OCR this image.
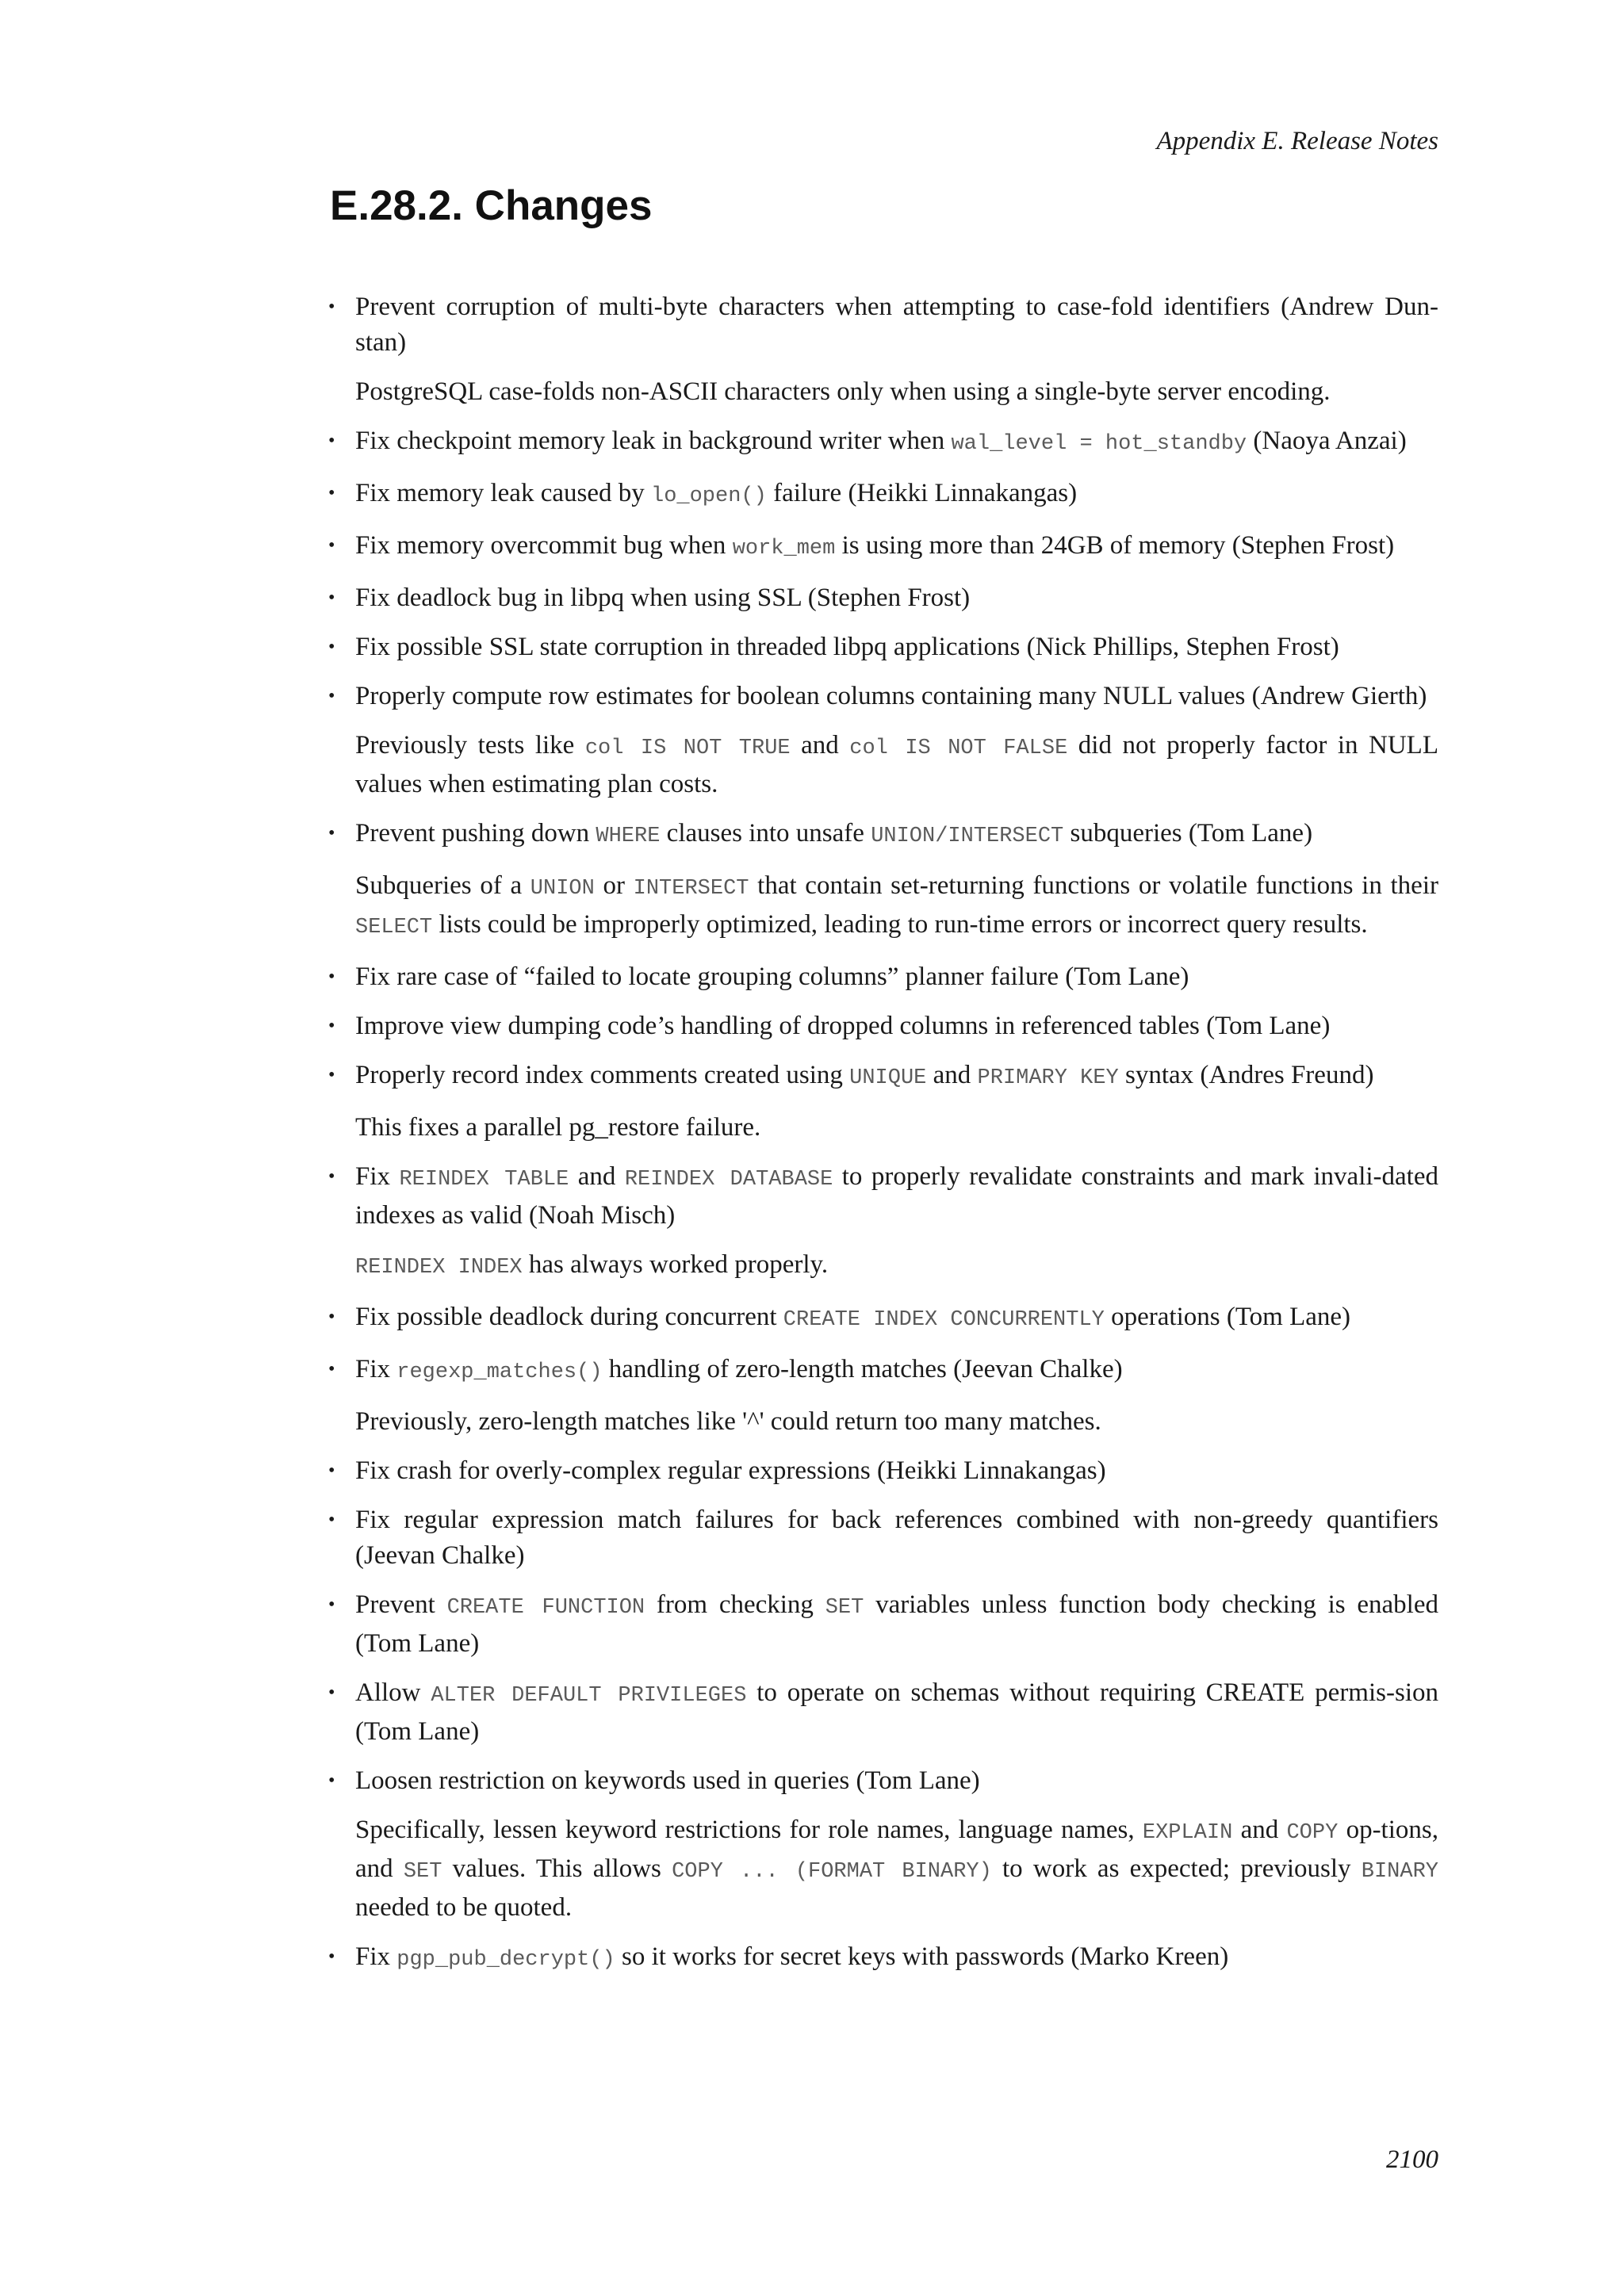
Appendix E. Release Notes
E.28.2. Changes
• Prevent corruption of multi-byte characters when attempting to case-fold identifiers (Andrew Dun-stan)
PostgreSQL case-folds non-ASCII characters only when using a single-byte server encoding.
• Fix checkpoint memory leak in background writer when wal_level = hot_standby (Naoya Anzai)
• Fix memory leak caused by lo_open() failure (Heikki Linnakangas)
• Fix memory overcommit bug when work_mem is using more than 24GB of memory (Stephen Frost)
• Fix deadlock bug in libpq when using SSL (Stephen Frost)
• Fix possible SSL state corruption in threaded libpq applications (Nick Phillips, Stephen Frost)
• Properly compute row estimates for boolean columns containing many NULL values (Andrew Gierth)
Previously tests like col IS NOT TRUE and col IS NOT FALSE did not properly factor in NULL values when estimating plan costs.
• Prevent pushing down WHERE clauses into unsafe UNION/INTERSECT subqueries (Tom Lane)
Subqueries of a UNION or INTERSECT that contain set-returning functions or volatile functions in their SELECT lists could be improperly optimized, leading to run-time errors or incorrect query results.
• Fix rare case of “failed to locate grouping columns” planner failure (Tom Lane)
• Improve view dumping code’s handling of dropped columns in referenced tables (Tom Lane)
• Properly record index comments created using UNIQUE and PRIMARY KEY syntax (Andres Freund)
This fixes a parallel pg_restore failure.
• Fix REINDEX TABLE and REINDEX DATABASE to properly revalidate constraints and mark invali-dated indexes as valid (Noah Misch)
REINDEX INDEX has always worked properly.
• Fix possible deadlock during concurrent CREATE INDEX CONCURRENTLY operations (Tom Lane)
• Fix regexp_matches() handling of zero-length matches (Jeevan Chalke)
Previously, zero-length matches like '^' could return too many matches.
• Fix crash for overly-complex regular expressions (Heikki Linnakangas)
• Fix regular expression match failures for back references combined with non-greedy quantifiers (Jeevan Chalke)
• Prevent CREATE FUNCTION from checking SET variables unless function body checking is enabled (Tom Lane)
• Allow ALTER DEFAULT PRIVILEGES to operate on schemas without requiring CREATE permis-sion (Tom Lane)
• Loosen restriction on keywords used in queries (Tom Lane)
Specifically, lessen keyword restrictions for role names, language names, EXPLAIN and COPY op-tions, and SET values. This allows COPY ... (FORMAT BINARY) to work as expected; previously BINARY needed to be quoted.
• Fix pgp_pub_decrypt() so it works for secret keys with passwords (Marko Kreen)
2100
